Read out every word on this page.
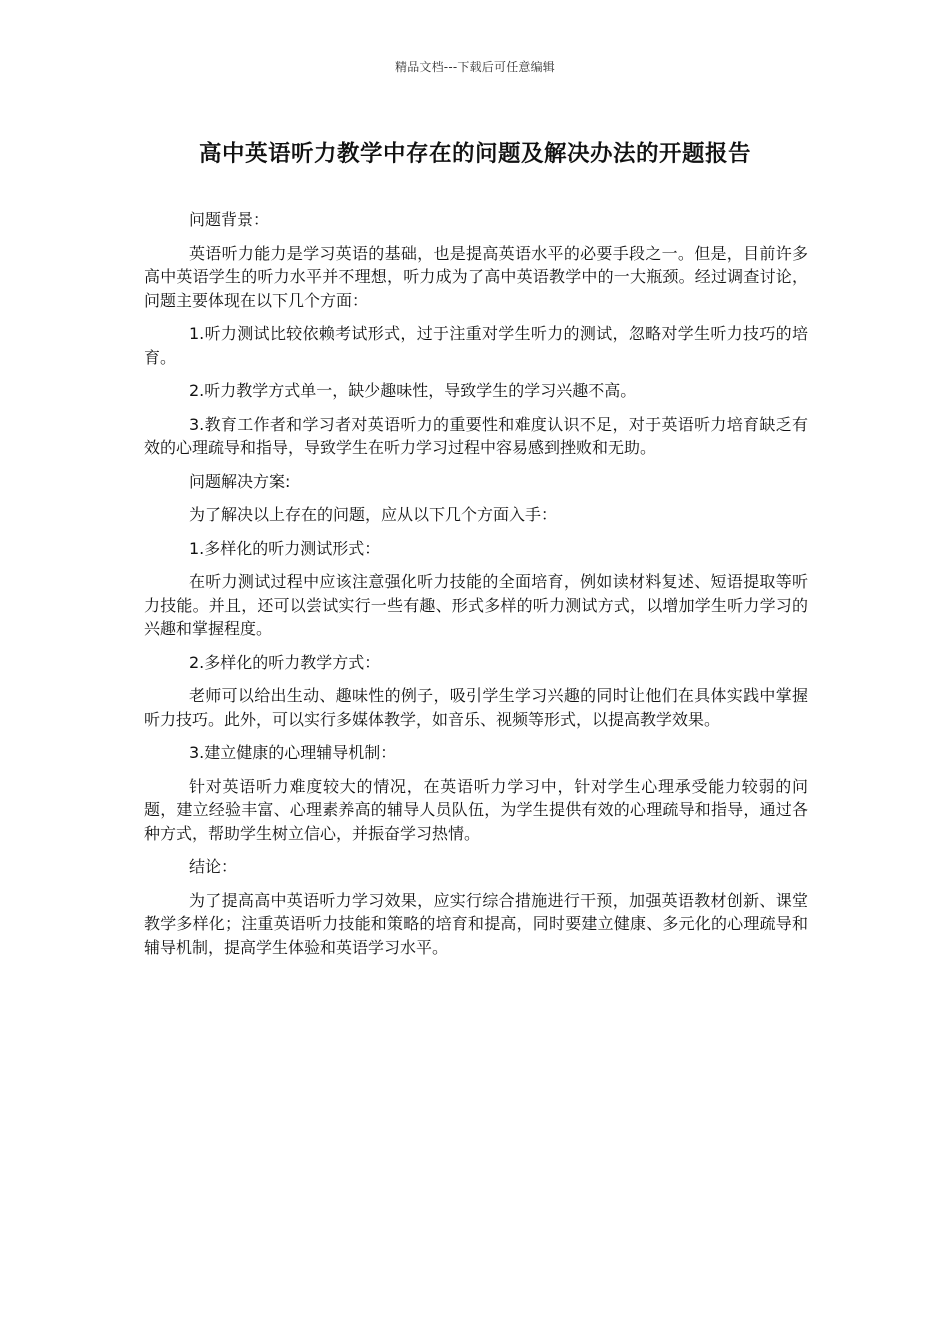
精品文档---下载后可任意编辑
高中英语听力教学中存在的问题及解决办法的开题报告

问题背景：

英语听力能力是学习英语的基础，也是提高英语水平的必要手段之一。但是，目前许多高中英语学生的听力水平并不理想，听力成为了高中英语教学中的一大瓶颈。经过调查讨论，问题主要体现在以下几个方面：

1.听力测试比较依赖考试形式，过于注重对学生听力的测试，忽略对学生听力技巧的培育。

2.听力教学方式单一，缺少趣味性，导致学生的学习兴趣不高。

3.教育工作者和学习者对英语听力的重要性和难度认识不足，对于英语听力培育缺乏有效的心理疏导和指导，导致学生在听力学习过程中容易感到挫败和无助。

问题解决方案:

为了解决以上存在的问题，应从以下几个方面入手：

1.多样化的听力测试形式：

在听力测试过程中应该注意强化听力技能的全面培育，例如读材料复述、短语提取等听力技能。并且，还可以尝试实行一些有趣、形式多样的听力测试方式，以增加学生听力学习的兴趣和掌握程度。

2.多样化的听力教学方式：

老师可以给出生动、趣味性的例子，吸引学生学习兴趣的同时让他们在具体实践中掌握听力技巧。此外，可以实行多媒体教学，如音乐、视频等形式，以提高教学效果。

3.建立健康的心理辅导机制：

针对英语听力难度较大的情况，在英语听力学习中，针对学生心理承受能力较弱的问题，建立经验丰富、心理素养高的辅导人员队伍，为学生提供有效的心理疏导和指导，通过各种方式，帮助学生树立信心，并振奋学习热情。

结论：

为了提高高中英语听力学习效果，应实行综合措施进行干预，加强英语教材创新、课堂教学多样化；注重英语听力技能和策略的培育和提高，同时要建立健康、多元化的心理疏导和辅导机制，提高学生体验和英语学习水平。
